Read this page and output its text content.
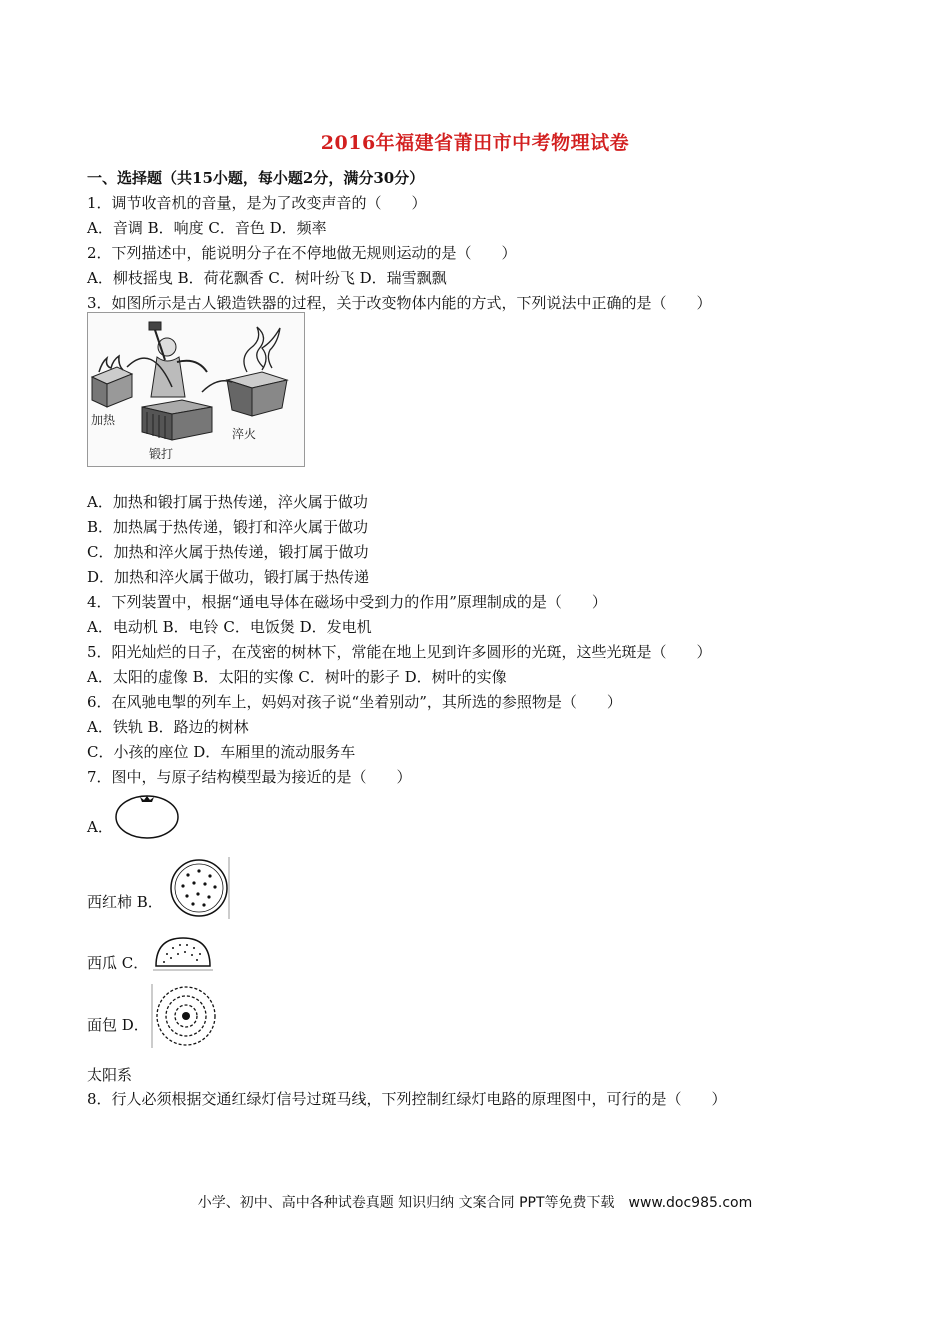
2016年福建省莆田市中考物理试卷
一、选择题（共15小题，每小题2分，满分30分）
1．调节收音机的音量，是为了改变声音的（　　）
A．音调 B．响度 C．音色 D．频率
2．下列描述中，能说明分子在不停地做无规则运动的是（　　）
A．柳枝摇曳 B．荷花飘香 C．树叶纷飞 D．瑞雪飘飘
3．如图所示是古人锻造铁器的过程，关于改变物体内能的方式，下列说法中正确的是（　　）
加热
锻打
淬火
A．加热和锻打属于热传递，淬火属于做功
B．加热属于热传递，锻打和淬火属于做功
C．加热和淬火属于热传递，锻打属于做功
D．加热和淬火属于做功，锻打属于热传递
4．下列装置中，根据“通电导体在磁场中受到力的作用”原理制成的是（　　）
A．电动机 B．电铃 C．电饭煲 D．发电机
5．阳光灿烂的日子，在茂密的树林下，常能在地上见到许多圆形的光斑，这些光斑是（　　）
A．太阳的虚像 B．太阳的实像 C．树叶的影子 D．树叶的实像
6．在风驰电掣的列车上，妈妈对孩子说“坐着别动”，其所选的参照物是（　　）
A．铁轨 B．路边的树林
C．小孩的座位 D．车厢里的流动服务车
7．图中，与原子结构模型最为接近的是（　　）
A．
西红柿 B．
西瓜 C．
面包 D．
太阳系
8．行人必须根据交通红绿灯信号过斑马线，下列控制红绿灯电路的原理图中，可行的是（　　）
小学、初中、高中各种试卷真题 知识归纳 文案合同 PPT等免费下载　www.doc985.com
